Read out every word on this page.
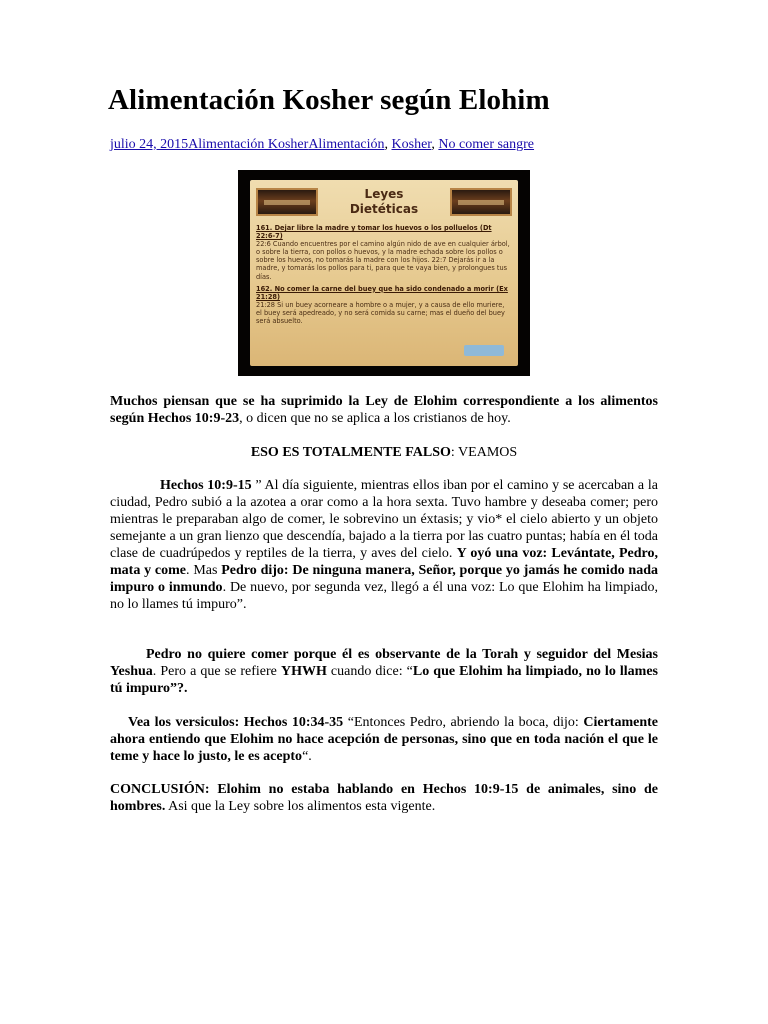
Alimentación Kosher según Elohim
julio 24, 2015Alimentación KosherAlimentación, Kosher, No comer sangre
Leyes
Dietéticas

161. Dejar libre la madre y tomar los huevos o los polluelos (Dt 22:6-7)
22:6 Cuando encuentres por el camino algún nido de ave en cualquier árbol, o sobre la tierra, con pollos o huevos, y la madre echada sobre los pollos o sobre los huevos, no tomarás la madre con los hijos. 22:7 Dejarás ir a la madre, y tomarás los pollos para ti, para que te vaya bien, y prolongues tus días.

162. No comer la carne del buey que ha sido condenado a morir (Ex 21:28)
21:28 Si un buey acorneare a hombre o a mujer, y a causa de ello muriere, el buey será apedreado, y no será comida su carne; mas el dueño del buey será absuelto.

Muchos piensan que se ha suprimido la Ley de Elohim correspondiente a los alimentos según Hechos 10:9-23, o dicen que no se aplica a los cristianos de hoy.

ESO ES TOTALMENTE FALSO: VEAMOS

Hechos 10:9-15 ” Al día siguiente, mientras ellos iban por el camino y se acercaban a la ciudad, Pedro subió a la azotea a orar como a la hora sexta. Tuvo hambre y deseaba comer; pero mientras le preparaban algo de comer, le sobrevino un éxtasis; y vio* el cielo abierto y un objeto semejante a un gran lienzo que descendía, bajado a la tierra por las cuatro puntas; había en él toda clase de cuadrúpedos y reptiles de la tierra, y aves del cielo. Y oyó una voz: Levántate, Pedro, mata y come. Mas Pedro dijo: De ninguna manera, Señor, porque yo jamás he comido nada impuro o inmundo. De nuevo, por segunda vez, llegó a él una voz: Lo que Elohim ha limpiado, no lo llames tú impuro”.

Pedro no quiere comer porque él es observante de la Torah y seguidor del Mesias Yeshua. Pero a que se refiere YHWH cuando dice: “Lo que Elohim ha limpiado, no lo llames tú impuro”?.

Vea los versiculos: Hechos 10:34-35 “Entonces Pedro, abriendo la boca, dijo: Ciertamente ahora entiendo que Elohim no hace acepción de personas, sino que en toda nación el que le teme y hace lo justo, le es acepto“.

CONCLUSIÓN: Elohim no estaba hablando en Hechos 10:9-15 de animales, sino de hombres. Asi que la Ley sobre los alimentos esta vigente.
